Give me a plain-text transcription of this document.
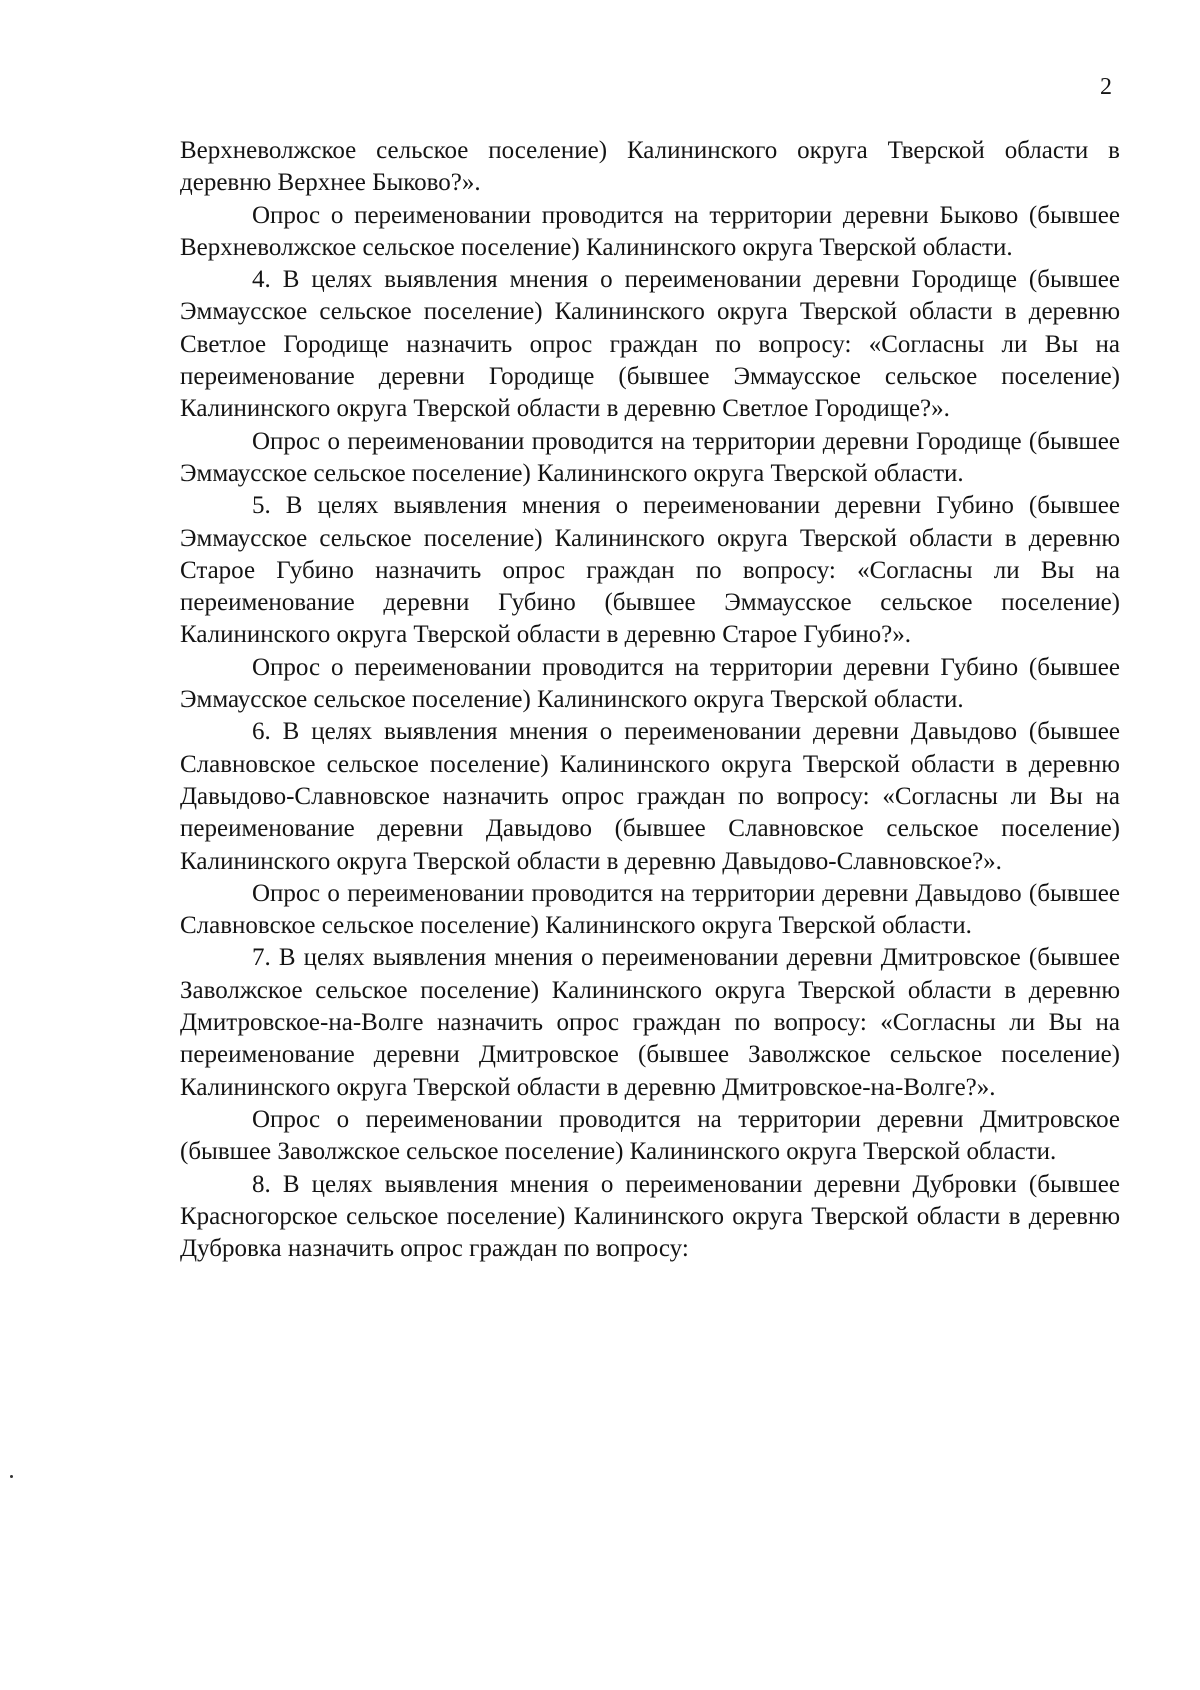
2

Верхневолжское сельское поселение) Калининского округа Тверской области в деревню Верхнее Быково?».

Опрос о переименовании проводится на территории деревни Быково (бывшее Верхневолжское сельское поселение) Калининского округа Тверской области.

4. В целях выявления мнения о переименовании деревни Городище (бывшее Эммаусское сельское поселение) Калининского округа Тверской области в деревню Светлое Городище назначить опрос граждан по вопросу: «Согласны ли Вы на переименование деревни Городище (бывшее Эммаусское сельское поселение) Калининского округа Тверской области в деревню Светлое Городище?».

Опрос о переименовании проводится на территории деревни Городище (бывшее Эммаусское сельское поселение) Калининского округа Тверской области.

5. В целях выявления мнения о переименовании деревни Губино (бывшее Эммаусское сельское поселение) Калининского округа Тверской области в деревню Старое Губино назначить опрос граждан по вопросу: «Согласны ли Вы на переименование деревни Губино (бывшее Эммаусское сельское поселение) Калининского округа Тверской области в деревню Старое Губино?».

Опрос о переименовании проводится на территории деревни Губино (бывшее Эммаусское сельское поселение) Калининского округа Тверской области.

6. В целях выявления мнения о переименовании деревни Давыдово (бывшее Славновское сельское поселение) Калининского округа Тверской области в деревню Давыдово-Славновское назначить опрос граждан по вопросу: «Согласны ли Вы на переименование деревни Давыдово (бывшее Славновское сельское поселение) Калининского округа Тверской области в деревню Давыдово-Славновское?».

Опрос о переименовании проводится на территории деревни Давыдово (бывшее Славновское сельское поселение) Калининского округа Тверской области.

7. В целях выявления мнения о переименовании деревни Дмитровское (бывшее Заволжское сельское поселение) Калининского округа Тверской области в деревню Дмитровское-на-Волге назначить опрос граждан по вопросу: «Согласны ли Вы на переименование деревни Дмитровское (бывшее Заволжское сельское поселение) Калининского округа Тверской области в деревню Дмитровское-на-Волге?».

Опрос о переименовании проводится на территории деревни Дмитровское (бывшее Заволжское сельское поселение) Калининского округа Тверской области.

8. В целях выявления мнения о переименовании деревни Дубровки (бывшее Красногорское сельское поселение) Калининского округа Тверской области в деревню Дубровка назначить опрос граждан по вопросу:
